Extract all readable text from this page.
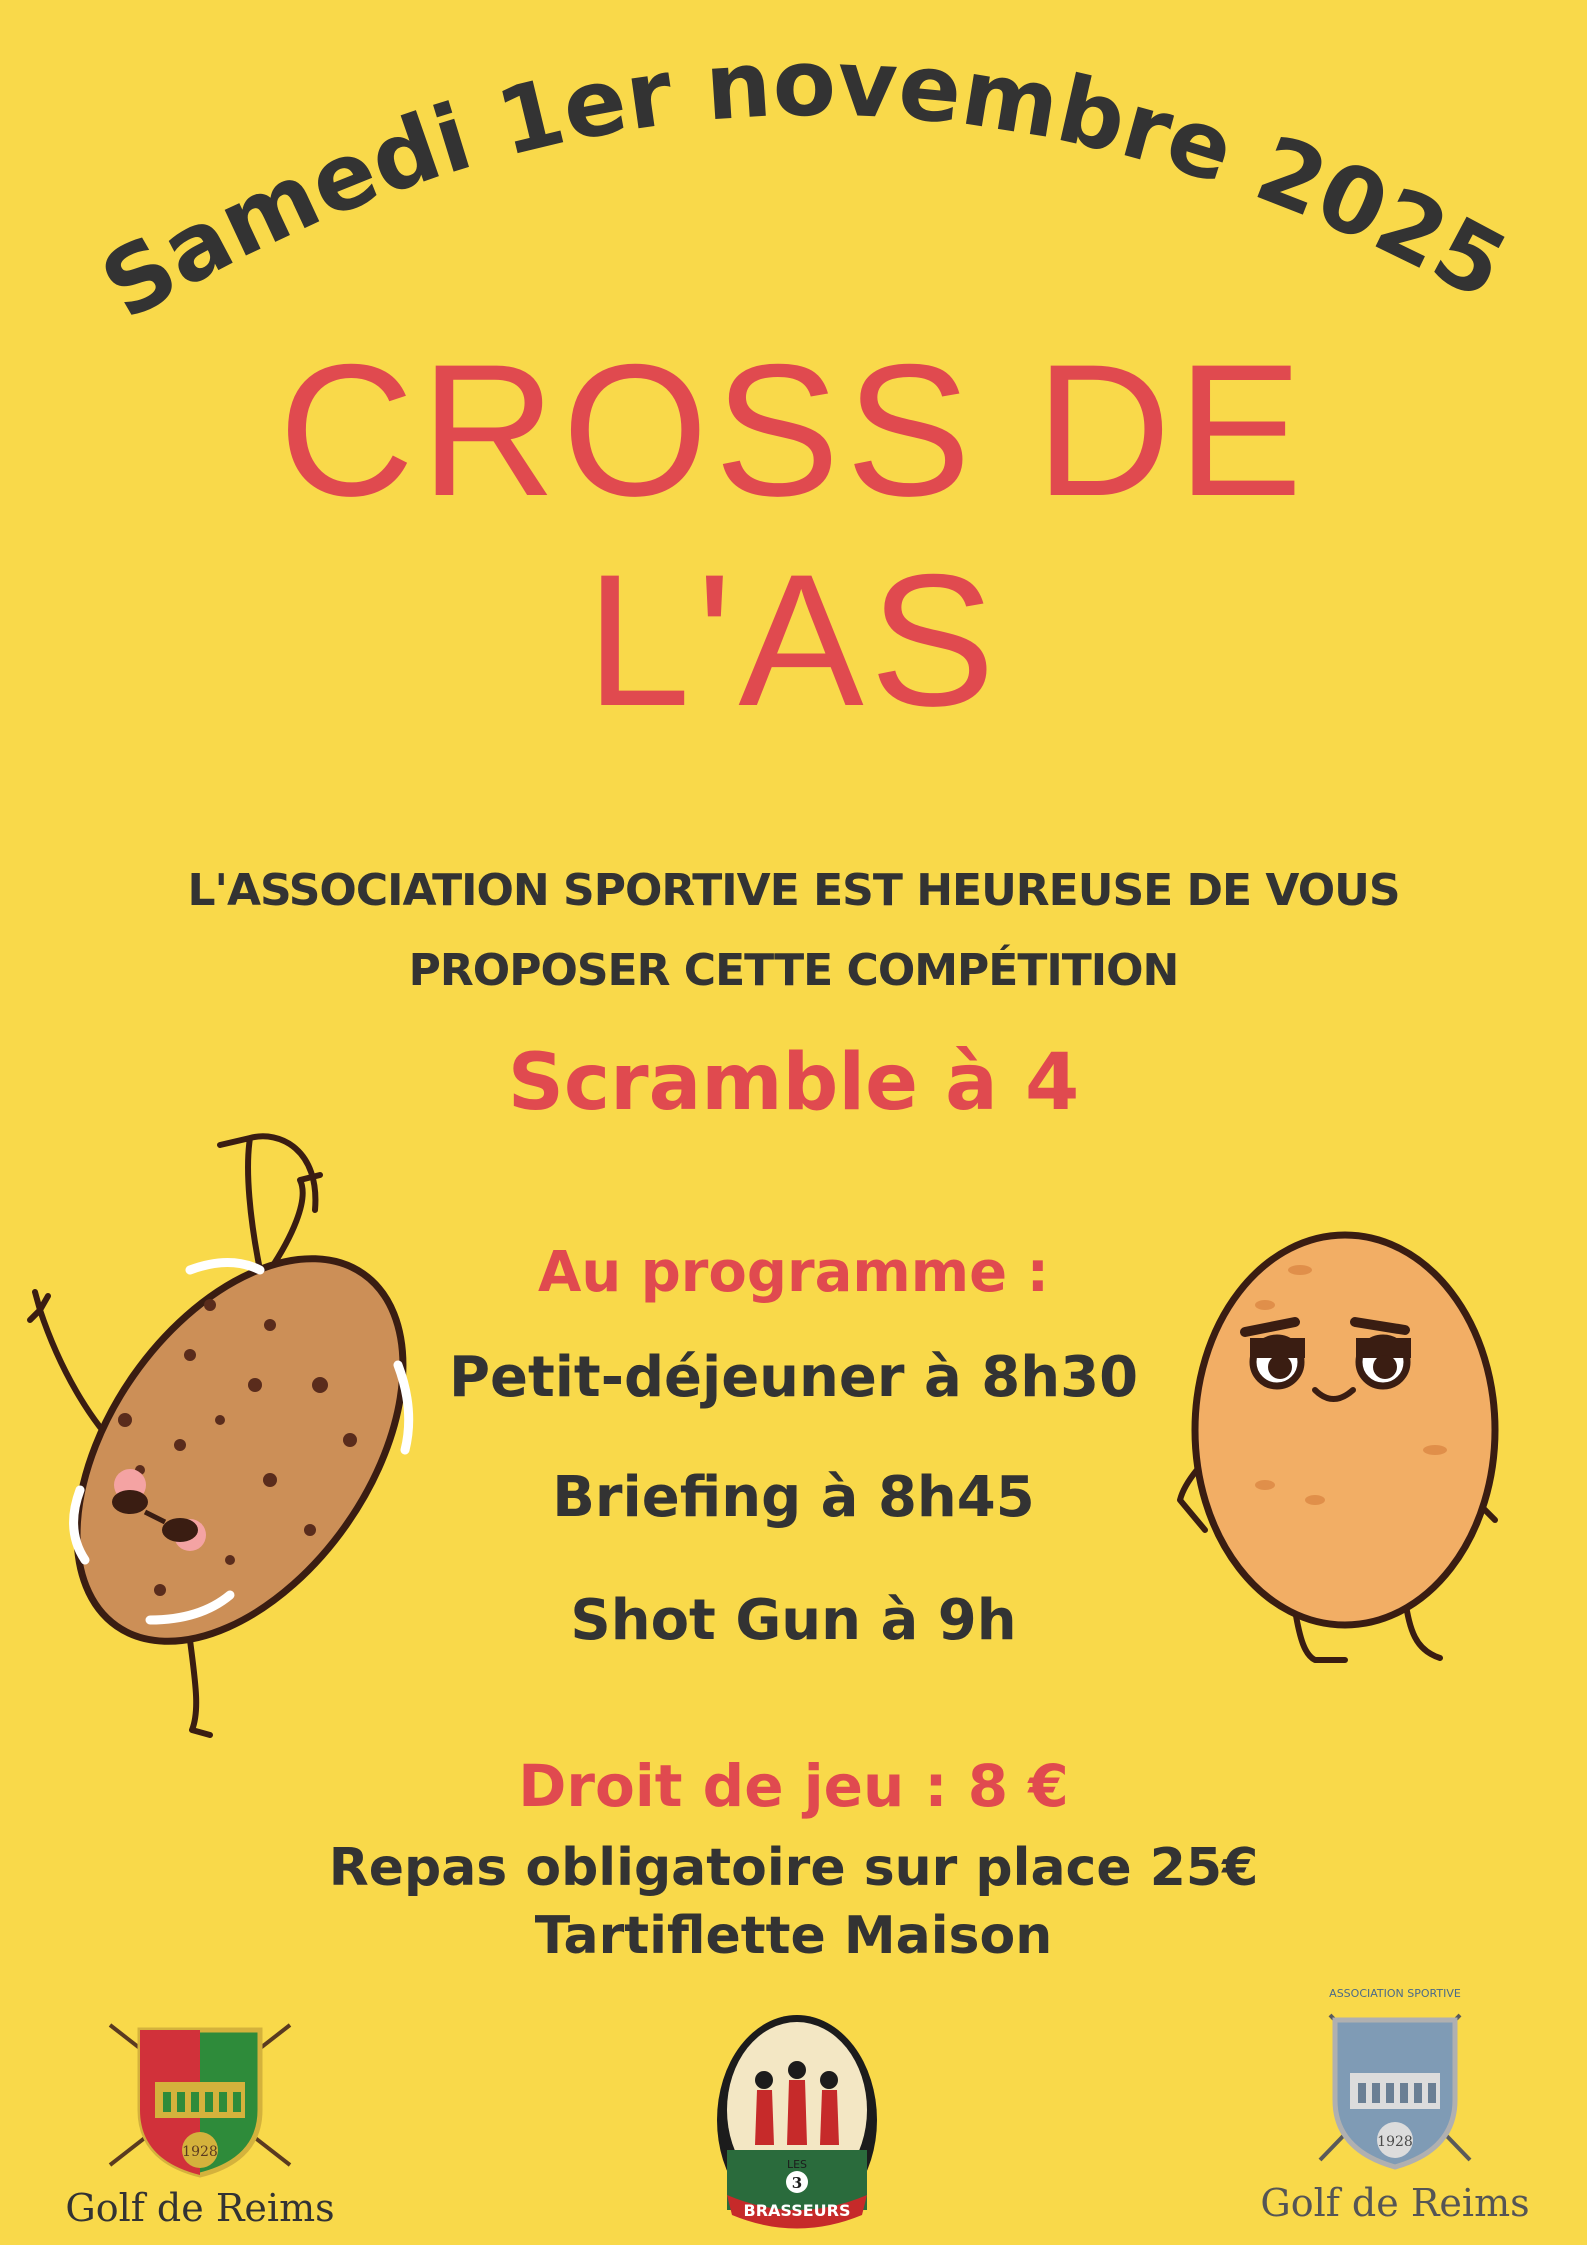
Samedi 1er novembre 2025
CROSS DE
L'AS
L'ASSOCIATION SPORTIVE EST HEUREUSE DE VOUS
PROPOSER CETTE COMPÉTITION
Scramble à 4
Au programme :
Petit-déjeuner à 8h30
Briefing à 8h45
Shot Gun à 9h
Droit de jeu : 8 €
Repas obligatoire sur place 25€
Tartiflette Maison
1928
Golf de Reims
LES
3
BRASSEURS
ASSOCIATION SPORTIVE
1928
Golf de Reims
